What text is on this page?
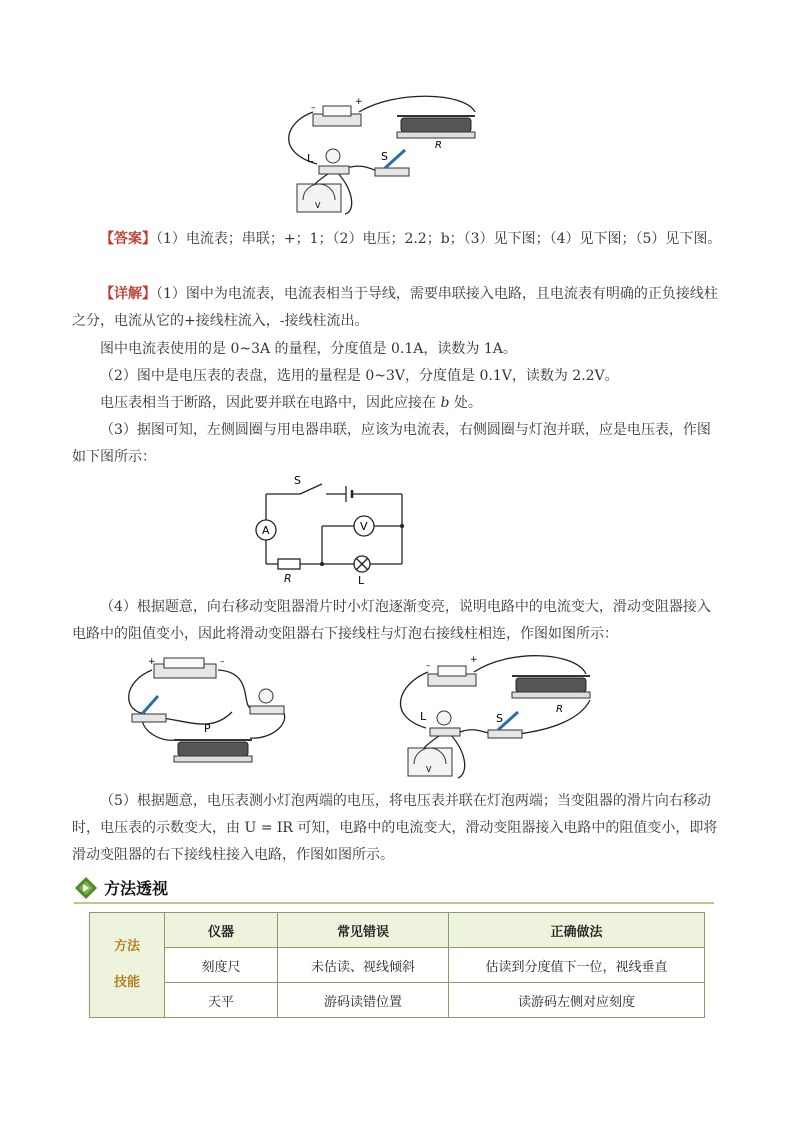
–
+
R
L	S
V
【答案】（1）电流表；串联；+；1；（2）电压；2.2；b；（3）见下图；（4）见下图；（5）见下图。
【详解】（1）图中为电流表，电流表相当于导线，需要串联接入电路，且电流表有明确的正负接线柱之分，电流从它的+接线柱流入，-接线柱流出。
图中电流表使用的是 0~3A 的量程，分度值是 0.1A，读数为 1A。
（2）图中是电压表的表盘，选用的量程是 0~3V，分度值是 0.1V，读数为 2.2V。
电压表相当于断路，因此要并联在电路中，因此应接在 b 处。
（3）据图可知，左侧圆圈与用电器串联，应该为电流表，右侧圆圈与灯泡并联，应是电压表，作图如下图所示：
S
A
R
V
L
（4）根据题意，向右移动变阻器滑片时小灯泡逐渐变亮，说明电路中的电流变大，滑动变阻器接入电路中的阻值变小，因此将滑动变阻器右下接线柱与灯泡右接线柱相连，作图如图所示：
+	–
P
–
+
R
L	S
V
（5）根据题意，电压表测小灯泡两端的电压，将电压表并联在灯泡两端；当变阻器的滑片向右移动时，电压表的示数变大，由 U = IR 可知，电路中的电流变大，滑动变阻器接入电路中的阻值变小，即将滑动变阻器的右下接线柱接入电路，作图如图所示。
方法透视
方法
技能	仪器	常见错误	正确做法
	刻度尺	未估读、视线倾斜	估读到分度值下一位，视线垂直
	天平	游码读错位置	读游码左侧对应刻度
